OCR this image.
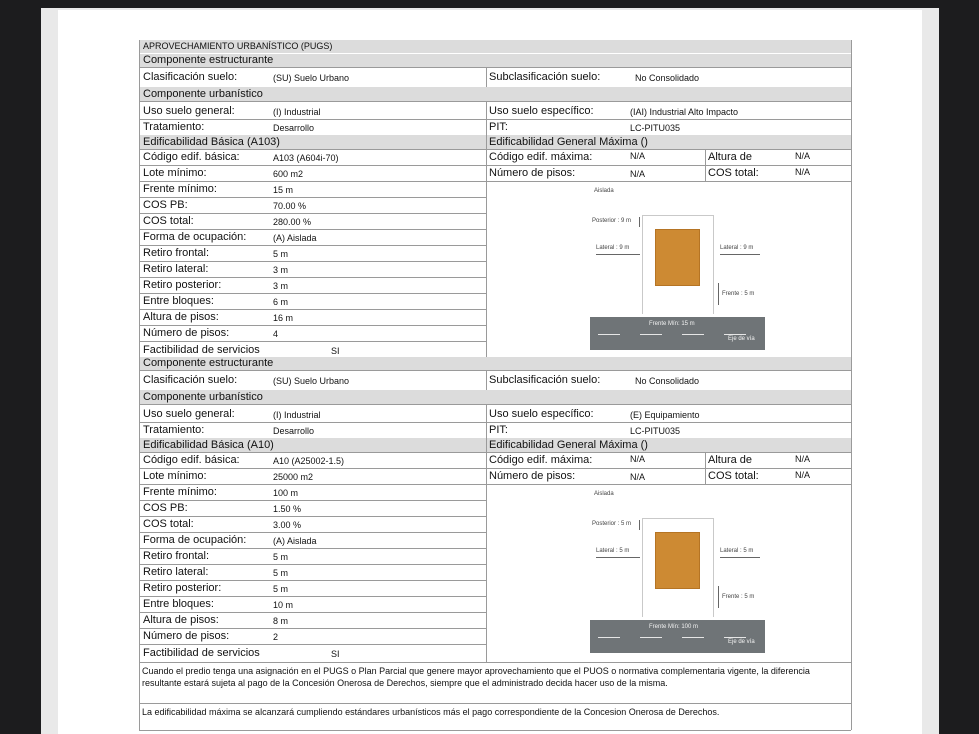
APROVECHAMIENTO URBANÍSTICO (PUGS)
Componente estructurante
Clasificación suelo:	(SU) Suelo Urbano	Subclasificación suelo:	No Consolidado
Componente urbanístico
Uso suelo general:	(I) Industrial	Uso suelo específico:	(IAI) Industrial Alto Impacto
Tratamiento:	Desarrollo	PIT:	LC-PITU035
Edificabilidad Básica (A103)	Edificabilidad General Máxima ()
Código edif. máxima:	N/A	Altura de	N/A
Número de pisos:	N/A	COS total:	N/A
Código edif. básica:	A103 (A604i-70)
Lote mínimo:	600 m2
Frente mínimo:	15 m
COS PB:	70.00 %
COS total:	280.00 %
Forma de ocupación:	(A) Aislada
Retiro frontal:	5 m
Retiro lateral:	3 m
Retiro posterior:	3 m
Entre bloques:	6 m
Altura de pisos:	16 m
Número de pisos:	4
Factibilidad de servicios	SI
Aislada
Posterior : 9 m
Lateral : 9 m	Lateral : 9 m
Frente : 5 m
Frente Mín: 15 m
Eje de vía
Componente estructurante
Clasificación suelo:	(SU) Suelo Urbano	Subclasificación suelo:	No Consolidado
Componente urbanístico
Uso suelo general:	(I) Industrial	Uso suelo específico:	(E) Equipamiento
Tratamiento:	Desarrollo	PIT:	LC-PITU035
Edificabilidad Básica (A10)	Edificabilidad General Máxima ()
Código edif. máxima:	N/A	Altura de	N/A
Número de pisos:	N/A	COS total:	N/A
Código edif. básica:	A10 (A25002-1.5)
Lote mínimo:	25000 m2
Frente mínimo:	100 m
COS PB:	1.50 %
COS total:	3.00 %
Forma de ocupación:	(A) Aislada
Retiro frontal:	5 m
Retiro lateral:	5 m
Retiro posterior:	5 m
Entre bloques:	10 m
Altura de pisos:	8 m
Número de pisos:	2
Factibilidad de servicios	SI
Aislada
Posterior : 5 m
Lateral : 5 m	Lateral : 5 m
Frente : 5 m
Frente Mín: 100 m
Eje de vía
Cuando el predio tenga una asignación en el PUGS o Plan Parcial que genere mayor aprovechamiento que el PUOS o normativa complementaria vigente, la diferencia resultante estará sujeta al pago de la Concesión Onerosa de Derechos, siempre que el administrado decida hacer uso de la misma.
La edificabilidad máxima se alcanzará cumpliendo estándares urbanísticos más el pago correspondiente de la Concesion Onerosa de Derechos.
